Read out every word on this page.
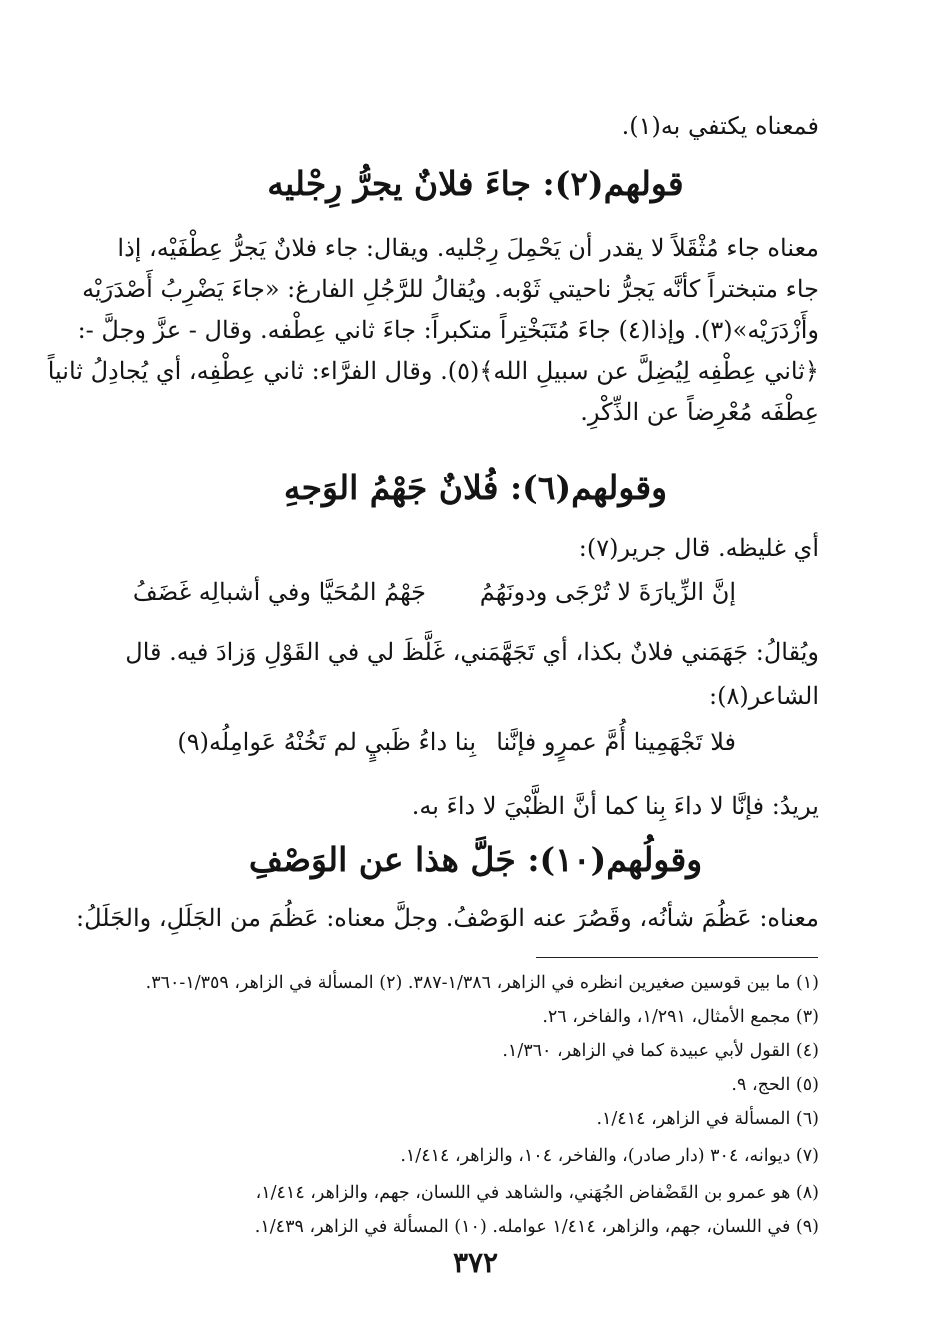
فمعناه يكتفي به(١).
قولهم(٢): جاءَ فلانٌ يجرُّ رِجْليه
معناه جاء مُثْقَلاً لا يقدر أن يَحْمِلَ رِجْليه. ويقال: جاء فلانٌ يَجرُّ عِطْفَيْه، إذا
جاء متبختراً كأنَّه يَجرُّ ناحيتي ثَوْبه. ويُقالُ للرَّجُلِ الفارغ: «جاءَ يَضْرِبُ أَصْدَرَيْه
وأَزْدَرَيْه»(٣). وإذا(٤) جاءَ مُتَبَخْتِراً متكبراً: جاءَ ثاني عِطْفه. وقال - عزَّ وجلَّ -:
﴿ثاني عِطْفِه لِيُضِلَّ عن سبيلِ الله﴾(٥). وقال الفرَّاء: ثاني عِطْفِه، أي يُجادِلُ ثانياً
عِطْفَه مُعْرِضاً عن الذِّكْرِ.
وقولهم(٦): فُلانٌ جَهْمُ الوَجهِ
أي غليظه. قال جرير(٧):
إنَّ الزِّيارَةَ لا تُرْجَى ودونَهُمُ
جَهْمُ المُحَيَّا وفي أشبالِه غَضَفُ
ويُقالُ: جَهَمَني فلانٌ بكذا، أي تَجَهَّمَني، غَلَّظَ لي في القَوْلِ وَزادَ فيه. قال
الشاعر(٨):
فلا تَجْهَمِينا أُمَّ عمرٍو فإنَّنا
بِنا داءُ ظَبيٍ لم تَخُنْهُ عَوامِلُه(٩)
يريدُ: فإنَّا لا داءَ بِنا كما أنَّ الظَّبْيَ لا داءَ به.
وقولُهم(١٠): جَلَّ هذا عن الوَصْفِ
معناه: عَظُمَ شأنُه، وقَصُرَ عنه الوَصْفُ. وجلَّ معناه: عَظُمَ من الجَلَلِ، والجَلَلُ:
(١) ما بين قوسين صغيرين انظره في الزاهر، ١/٣٨٦-٣٨٧. (٢) المسألة في الزاهر، ١/٣٥٩-٣٦٠.
(٣) مجمع الأمثال، ١/٢٩١، والفاخر، ٢٦.
(٤) القول لأبي عبيدة كما في الزاهر، ١/٣٦٠.
(٥) الحج، ٩.
(٦) المسألة في الزاهر، ١/٤١٤.
(٧) ديوانه، ٣٠٤ (دار صادر)، والفاخر، ١٠٤، والزاهر، ١/٤١٤.
(٨) هو عمرو بن القَضْفاض الجُهَني، والشاهد في اللسان، جهم، والزاهر، ١/٤١٤،
(٩) في اللسان، جهم، والزاهر، ١/٤١٤ عوامله. (١٠) المسألة في الزاهر، ١/٤٣٩.
٣٧٢
